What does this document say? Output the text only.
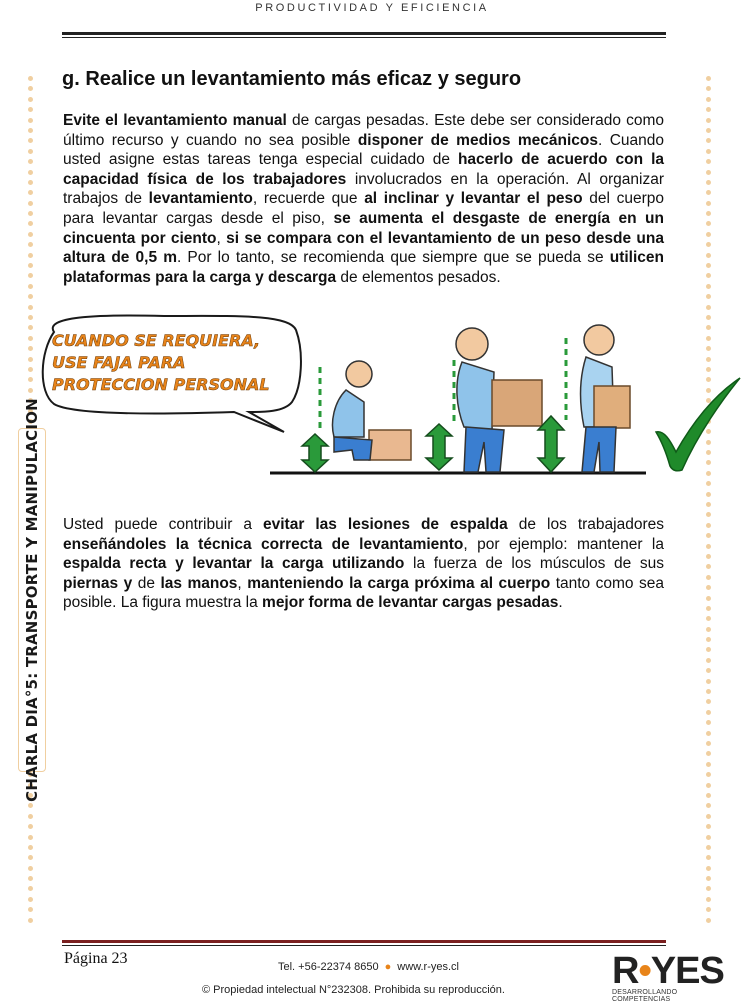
PRODUCTIVIDAD Y EFICIENCIA
CHARLA DIA°5: TRANSPORTE Y MANIPULACION
g. Realice un levantamiento más eficaz y seguro

Evite el levantamiento manual de cargas pesadas. Este debe ser considerado como último recurso y cuando no sea posible disponer de medios mecánicos. Cuando usted asigne estas tareas tenga especial cuidado de hacerlo de acuerdo con la capacidad física de los trabajadores involucrados en la operación. Al organizar trabajos de levantamiento, recuerde que al inclinar y levantar el peso del cuerpo para levantar cargas desde el piso, se aumenta el desgaste de energía en un cincuenta por ciento, si se compara con el levantamiento de un peso desde una altura de 0,5 m. Por lo tanto, se recomienda que siempre que se pueda se utilicen plataformas para la carga y descarga de elementos pesados.

CUANDO SE REQUIERA,
USE FAJA PARA
PROTECCION PERSONAL

Usted puede contribuir a evitar las lesiones de espalda de los trabajadores enseñándoles la técnica correcta de levantamiento, por ejemplo: mantener la espalda recta y levantar la carga utilizando la fuerza de los músculos de sus piernas y de las manos, manteniendo la carga próxima al cuerpo tanto como sea posible. La figura muestra la mejor forma de levantar cargas pesadas.

Página 23	Tel. +56-22374 8650 ● www.r-yes.cl
© Propiedad intelectual N°232308. Prohibida su reproducción.	R•YES
DESARROLLANDO COMPETENCIAS
